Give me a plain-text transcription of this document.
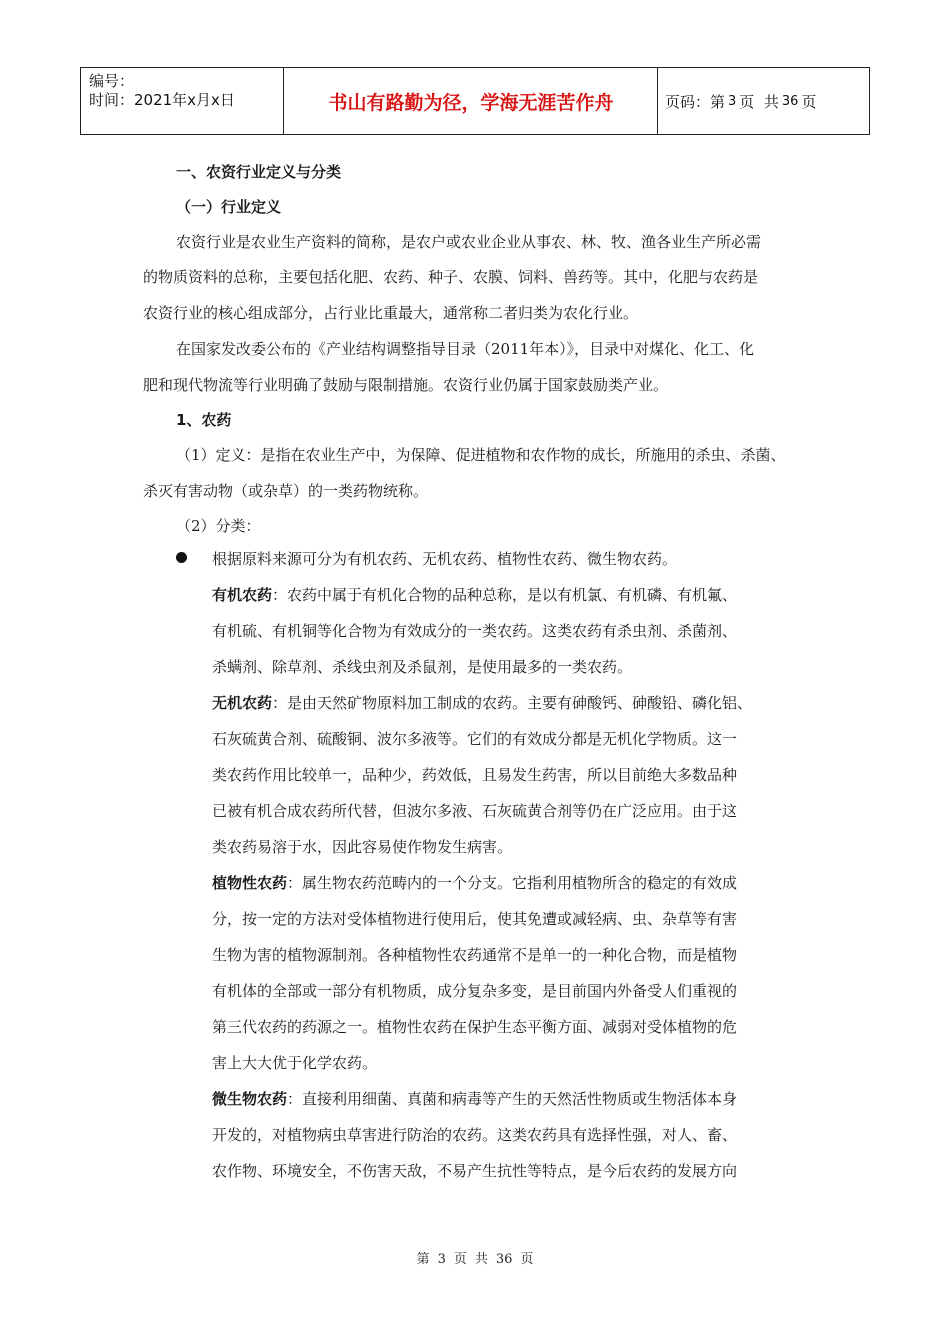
编号：
时间：2021年x月x日	书山有路勤为径，学海无涯苦作舟	页码：第 3 页  共 36 页
一、农资行业定义与分类
（一）行业定义
农资行业是农业生产资料的简称，是农户或农业企业从事农、林、牧、渔各业生产所必需
的物质资料的总称，主要包括化肥、农药、种子、农膜、饲料、兽药等。其中，化肥与农药是
农资行业的核心组成部分，占行业比重最大，通常称二者归类为农化行业。
在国家发改委公布的《产业结构调整指导目录（2011年本）》，目录中对煤化、化工、化
肥和现代物流等行业明确了鼓励与限制措施。农资行业仍属于国家鼓励类产业。
1、农药
（1）定义：是指在农业生产中，为保障、促进植物和农作物的成长，所施用的杀虫、杀菌、
杀灭有害动物（或杂草）的一类药物统称。
（2）分类：
根据原料来源可分为有机农药、无机农药、植物性农药、微生物农药。
有机农药：农药中属于有机化合物的品种总称，是以有机氯、有机磷、有机氟、
有机硫、有机铜等化合物为有效成分的一类农药。这类农药有杀虫剂、杀菌剂、
杀螨剂、除草剂、杀线虫剂及杀鼠剂，是使用最多的一类农药。
无机农药：是由天然矿物原料加工制成的农药。主要有砷酸钙、砷酸铅、磷化铝、
石灰硫黄合剂、硫酸铜、波尔多液等。它们的有效成分都是无机化学物质。这一
类农药作用比较单一，品种少，药效低，且易发生药害，所以目前绝大多数品种
已被有机合成农药所代替，但波尔多液、石灰硫黄合剂等仍在广泛应用。由于这
类农药易溶于水，因此容易使作物发生病害。
植物性农药：属生物农药范畴内的一个分支。它指利用植物所含的稳定的有效成
分，按一定的方法对受体植物进行使用后，使其免遭或减轻病、虫、杂草等有害
生物为害的植物源制剂。各种植物性农药通常不是单一的一种化合物，而是植物
有机体的全部或一部分有机物质，成分复杂多变，是目前国内外备受人们重视的
第三代农药的药源之一。植物性农药在保护生态平衡方面、减弱对受体植物的危
害上大大优于化学农药。
微生物农药：直接利用细菌、真菌和病毒等产生的天然活性物质或生物活体本身
开发的，对植物病虫草害进行防治的农药。这类农药具有选择性强，对人、畜、
农作物、环境安全，不伤害天敌，不易产生抗性等特点，是今后农药的发展方向
第 3 页 共 36 页
